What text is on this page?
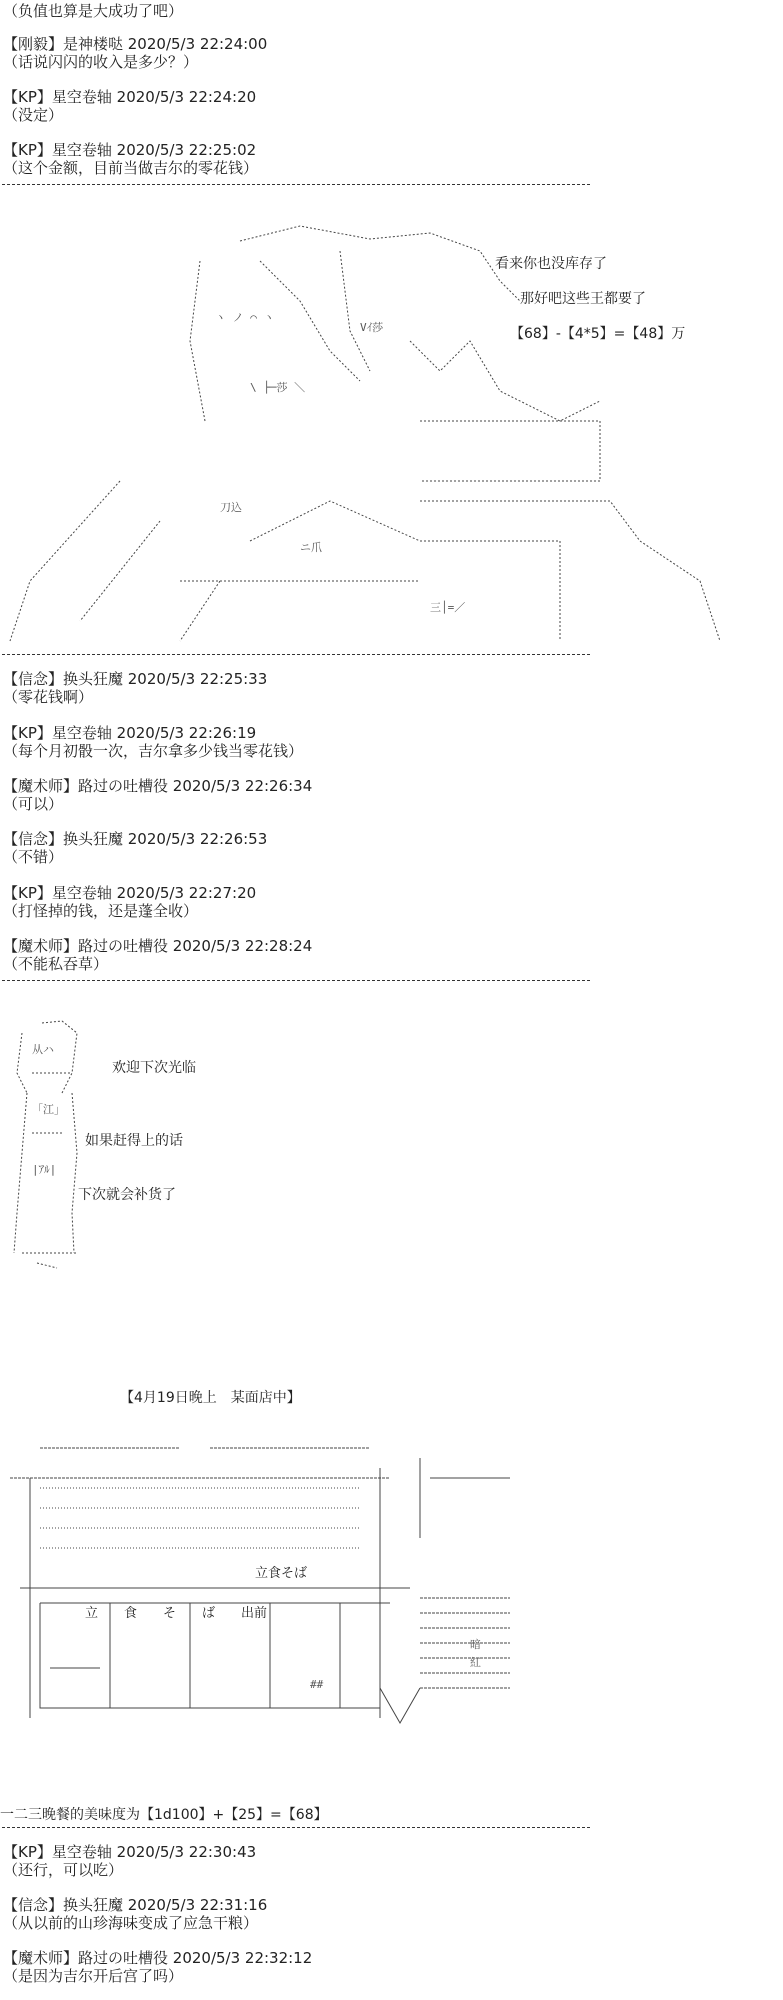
（负值也算是大成功了吧）
【刚毅】是神楼哒 2020/5/3 22:24:00
（话说闪闪的收入是多少？）
【KP】星空卷轴 2020/5/3 22:24:20
（没定）
【KP】星空卷轴 2020/5/3 22:25:02
（这个金额，目前当做吉尔的零花钱）

ヽ ノ ⌒ ヽ
\ ├─莎 ＼
Vｲ莎
刀込
ニ爪
三│=／

看来你也没库存了
那好吧这些王都要了
【68】-【4*5】=【48】万
【信念】换头狂魔 2020/5/3 22:25:33
（零花钱啊）
【KP】星空卷轴 2020/5/3 22:26:19
（每个月初骰一次，吉尔拿多少钱当零花钱）
【魔术师】路过の吐槽役 2020/5/3 22:26:34
（可以）
【信念】换头狂魔 2020/5/3 22:26:53
（不错）
【KP】星空卷轴 2020/5/3 22:27:20
（打怪掉的钱，还是蓬全收）
【魔术师】路过の吐槽役 2020/5/3 22:28:24
（不能私吞草）

从ハ
「江」
|ｱﾙ|

欢迎下次光临
如果赶得上的话
下次就会补货了
【4月19日晚上　某面店中】

暗
紅
##

立食そば
立　　食　　そ　　ば　　出前
一二三晚餐的美味度为【1d100】+【25】=【68】
【KP】星空卷轴 2020/5/3 22:30:43
（还行，可以吃）
【信念】换头狂魔 2020/5/3 22:31:16
（从以前的山珍海味变成了应急干粮）
【魔术师】路过の吐槽役 2020/5/3 22:32:12
（是因为吉尔开后宫了吗）
